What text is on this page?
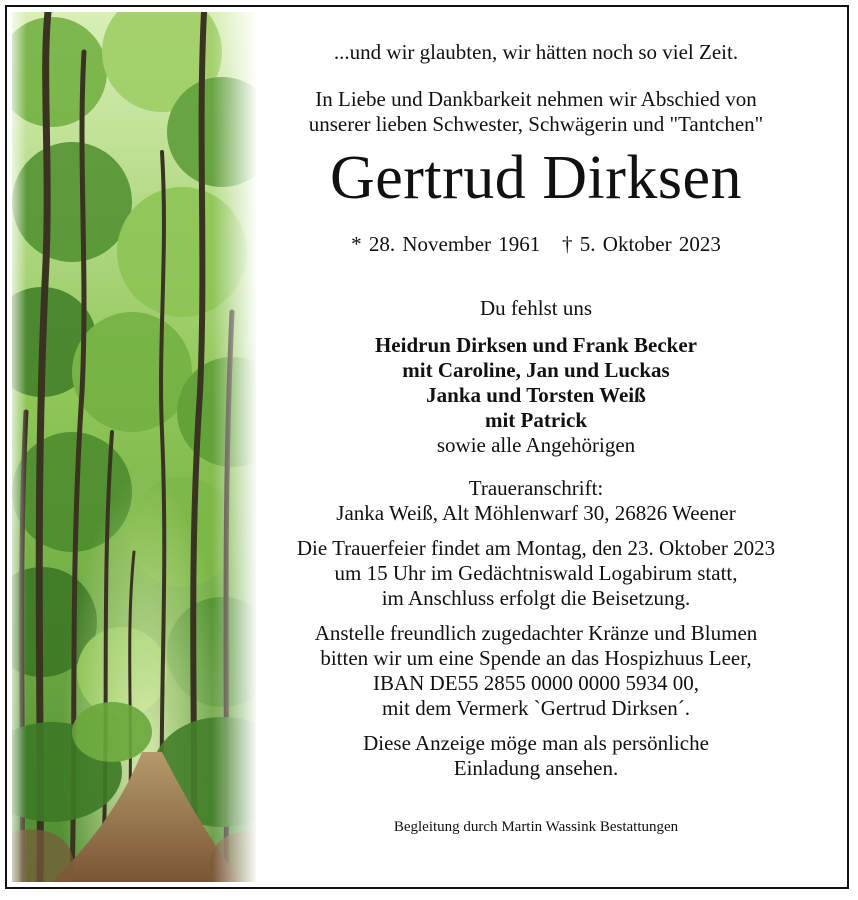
...und wir glaubten, wir hätten noch so viel Zeit.

In Liebe und Dankbarkeit nehmen wir Abschied von

unserer lieben Schwester, Schwägerin und "Tantchen"

Gertrud Dirksen

* 28. November 1961 † 5. Oktober 2023

Du fehlst uns

Heidrun Dirksen und Frank Becker

mit Caroline, Jan und Luckas

Janka und Torsten Weiß

mit Patrick

sowie alle Angehörigen

Traueranschrift:

Janka Weiß, Alt Möhlenwarf 30, 26826 Weener

Die Trauerfeier findet am Montag, den 23. Oktober 2023

um 15 Uhr im Gedächtniswald Logabirum statt,

im Anschluss erfolgt die Beisetzung.

Anstelle freundlich zugedachter Kränze und Blumen

bitten wir um eine Spende an das Hospizhuus Leer,

IBAN DE55 2855 0000 0000 5934 00,

mit dem Vermerk `Gertrud Dirksen´.

Diese Anzeige möge man als persönliche

Einladung ansehen.

Begleitung durch Martin Wassink Bestattungen
